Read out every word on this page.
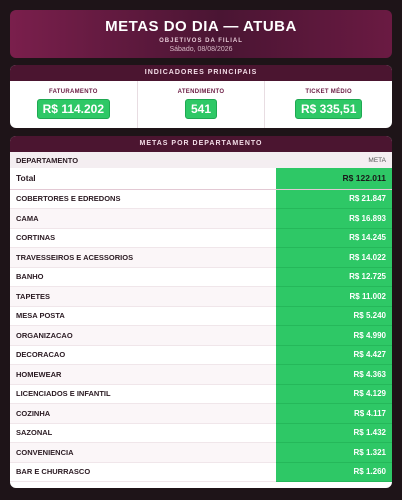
METAS DO DIA — ATUBA
OBJETIVOS DA FILIAL
Sábado, 08/08/2026
INDICADORES PRINCIPAIS
FATURAMENTO
R$ 114.202
ATENDIMENTO
541
TICKET MÉDIO
R$ 335,51
METAS POR DEPARTAMENTO
DEPARTAMENTO	META
Total	R$ 122.011
COBERTORES E EDREDONS	R$ 21.847
CAMA	R$ 16.893
CORTINAS	R$ 14.245
TRAVESSEIROS E ACESSORIOS	R$ 14.022
BANHO	R$ 12.725
TAPETES	R$ 11.002
MESA POSTA	R$ 5.240
ORGANIZACAO	R$ 4.990
DECORACAO	R$ 4.427
HOMEWEAR	R$ 4.363
LICENCIADOS E INFANTIL	R$ 4.129
COZINHA	R$ 4.117
SAZONAL	R$ 1.432
CONVENIENCIA	R$ 1.321
BAR E CHURRASCO	R$ 1.260
